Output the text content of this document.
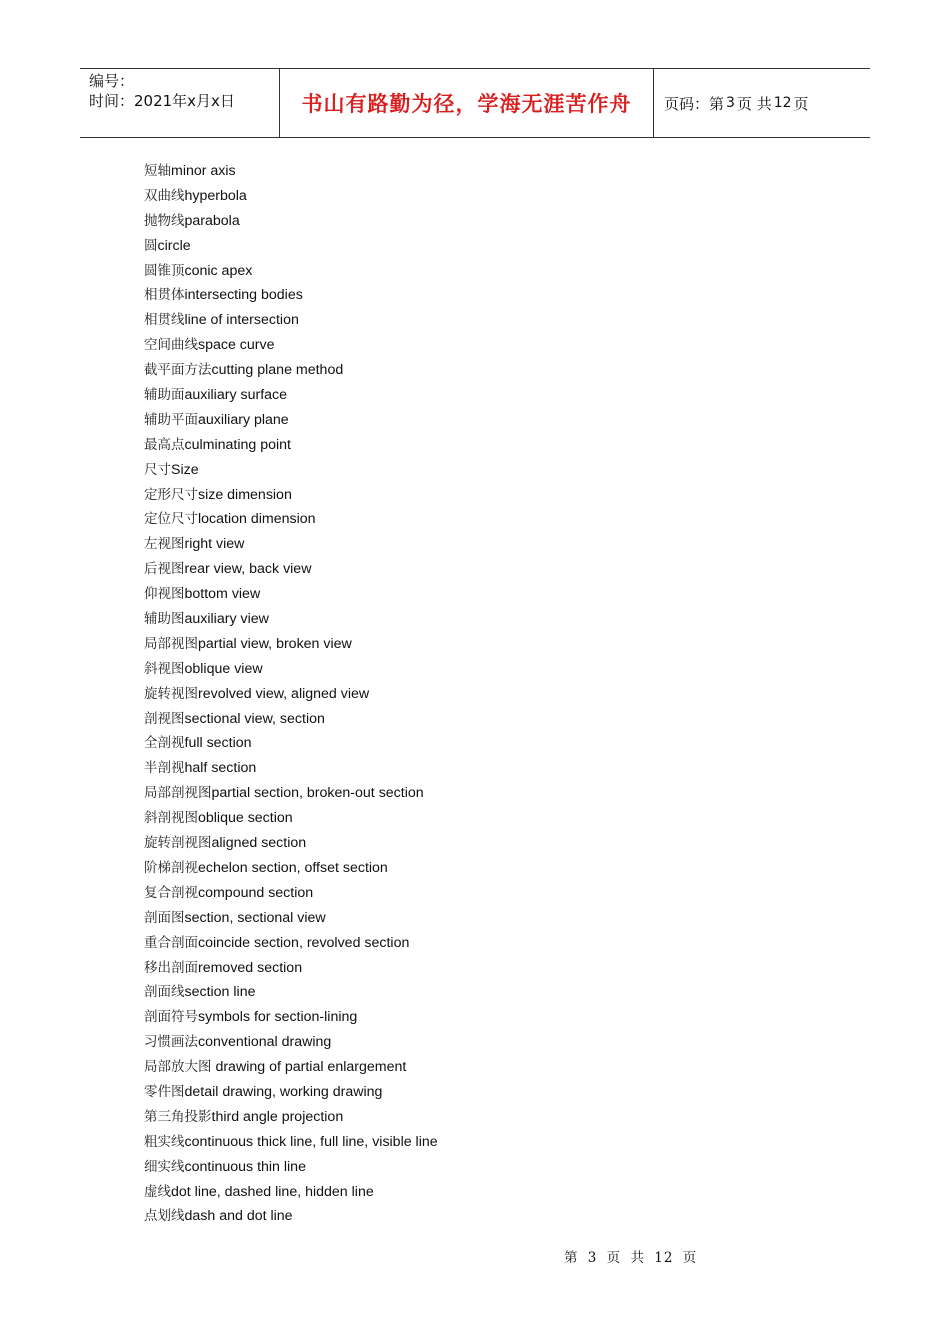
编号：
时间：2021年x月x日	书山有路勤为径，学海无涯苦作舟 页码：第 3 页 共 12 页
短轴minor axis
双曲线hyperbola
抛物线parabola
圆circle
圆锥顶conic apex
相贯体intersecting bodies
相贯线line of intersection
空间曲线space curve
截平面方法cutting plane method
辅助面auxiliary surface
辅助平面auxiliary plane
最高点culminating point
尺寸Size
定形尺寸size dimension
定位尺寸location dimension
左视图right view
后视图rear view, back view
仰视图bottom view
辅助图auxiliary view
局部视图partial view, broken view
斜视图oblique view
旋转视图revolved view, aligned view
剖视图sectional view, section
全剖视full section
半剖视half section
局部剖视图partial section, broken-out section
斜剖视图oblique section
旋转剖视图aligned section
阶梯剖视echelon section, offset section
复合剖视compound section
剖面图section, sectional view
重合剖面coincide section, revolved section
移出剖面removed section
剖面线section line
剖面符号symbols for section-lining
习惯画法conventional drawing
局部放大图 drawing of partial enlargement
零件图detail drawing, working drawing
第三角投影third angle projection
粗实线continuous thick line, full line, visible line
细实线continuous thin line
虚线dot line, dashed line, hidden line
点划线dash and dot line
第 3 页 共 12 页
